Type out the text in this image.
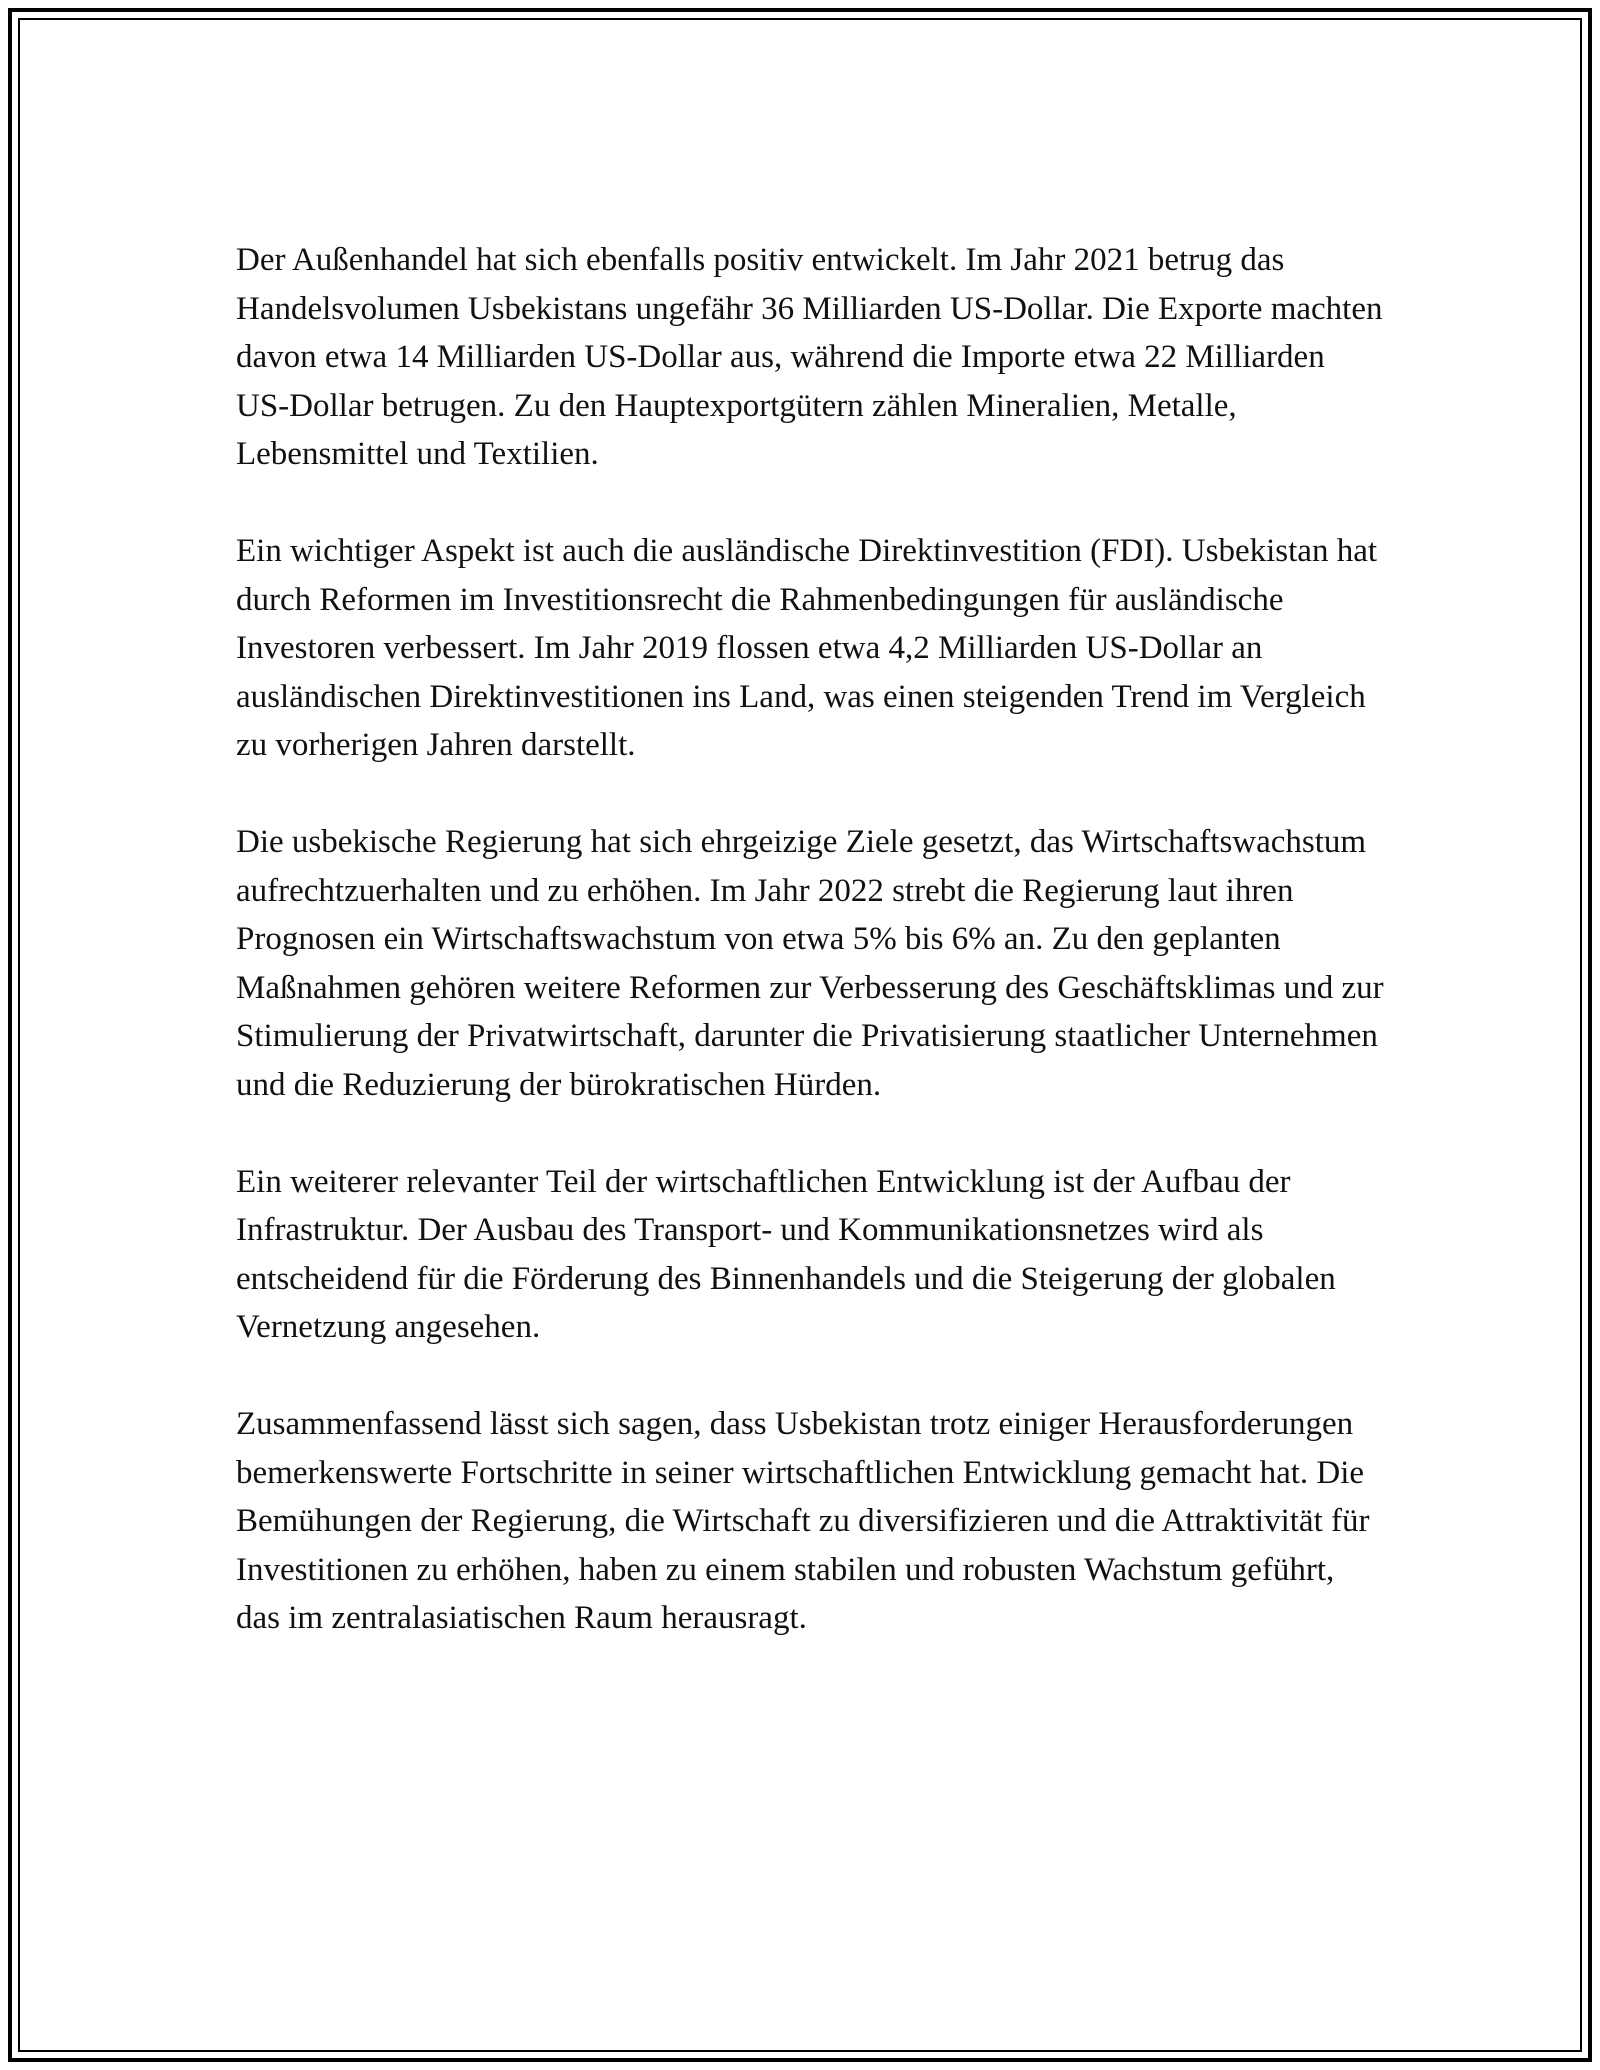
Der Außenhandel hat sich ebenfalls positiv entwickelt. Im Jahr 2021 betrug das Handelsvolumen Usbekistans ungefähr 36 Milliarden US-Dollar. Die Exporte machten davon etwa 14 Milliarden US-Dollar aus, während die Importe etwa 22 Milliarden US-Dollar betrugen. Zu den Hauptexportgütern zählen Mineralien, Metalle, Lebensmittel und Textilien.

Ein wichtiger Aspekt ist auch die ausländische Direktinvestition (FDI). Usbekistan hat durch Reformen im Investitionsrecht die Rahmenbedingungen für ausländische Investoren verbessert. Im Jahr 2019 flossen etwa 4,2 Milliarden US-Dollar an ausländischen Direktinvestitionen ins Land, was einen steigenden Trend im Vergleich zu vorherigen Jahren darstellt.

Die usbekische Regierung hat sich ehrgeizige Ziele gesetzt, das Wirtschaftswachstum aufrechtzuerhalten und zu erhöhen. Im Jahr 2022 strebt die Regierung laut ihren Prognosen ein Wirtschaftswachstum von etwa 5% bis 6% an. Zu den geplanten Maßnahmen gehören weitere Reformen zur Verbesserung des Geschäftsklimas und zur Stimulierung der Privatwirtschaft, darunter die Privatisierung staatlicher Unternehmen und die Reduzierung der bürokratischen Hürden.

Ein weiterer relevanter Teil der wirtschaftlichen Entwicklung ist der Aufbau der Infrastruktur. Der Ausbau des Transport- und Kommunikationsnetzes wird als entscheidend für die Förderung des Binnenhandels und die Steigerung der globalen Vernetzung angesehen.

Zusammenfassend lässt sich sagen, dass Usbekistan trotz einiger Herausforderungen bemerkenswerte Fortschritte in seiner wirtschaftlichen Entwicklung gemacht hat. Die Bemühungen der Regierung, die Wirtschaft zu diversifizieren und die Attraktivität für Investitionen zu erhöhen, haben zu einem stabilen und robusten Wachstum geführt, das im zentralasiatischen Raum herausragt.
